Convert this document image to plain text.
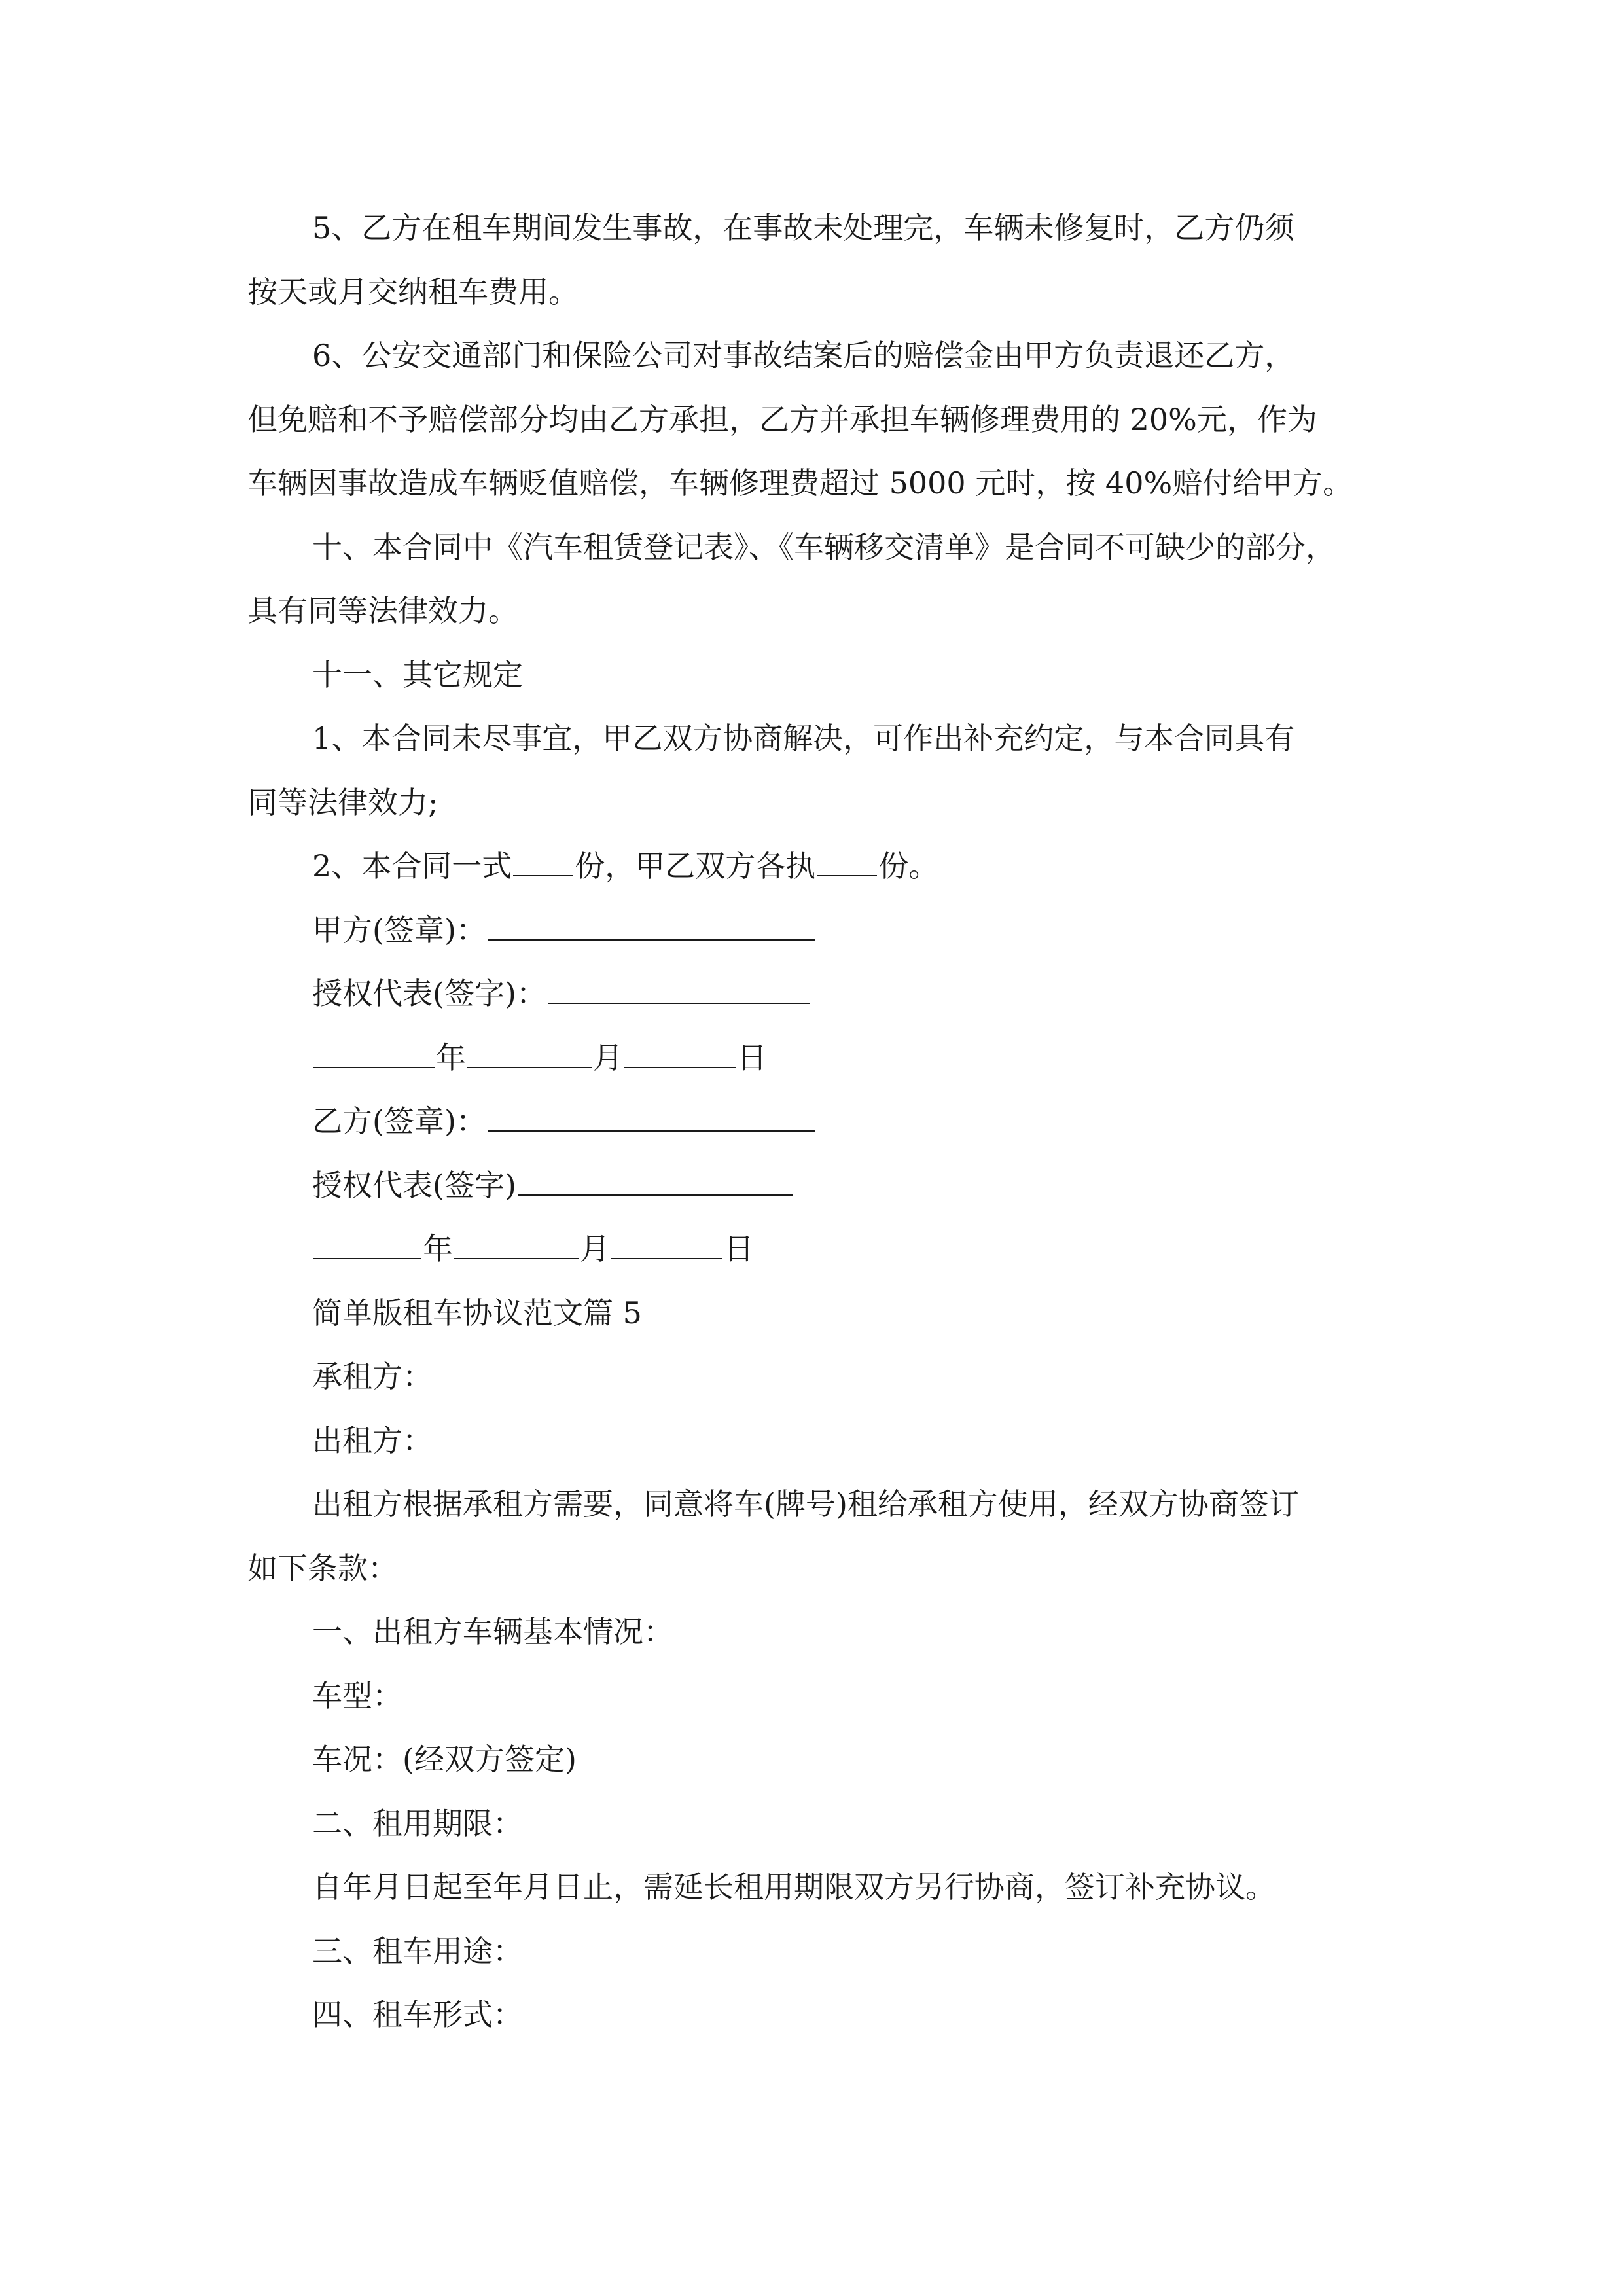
5、乙方在租车期间发生事故，在事故未处理完，车辆未修复时，乙方仍须
按天或月交纳租车费用。
6、公安交通部门和保险公司对事故结案后的赔偿金由甲方负责退还乙方，
但免赔和不予赔偿部分均由乙方承担，乙方并承担车辆修理费用的 20%元，作为
车辆因事故造成车辆贬值赔偿，车辆修理费超过 5000 元时，按 40%赔付给甲方。
十、本合同中《汽车租赁登记表》、《车辆移交清单》是合同不可缺少的部分，
具有同等法律效力。
十一、其它规定
1、本合同未尽事宜，甲乙双方协商解决，可作出补充约定，与本合同具有
同等法律效力;
2、本合同一式 份，甲乙双方各执 份。
甲方(签章)：
授权代表(签字)：
年	月	日
乙方(签章)：
授权代表(签字)
年	月	日
简单版租车协议范文篇 5
承租方：
出租方：
出租方根据承租方需要，同意将车(牌号)租给承租方使用，经双方协商签订
如下条款：
一、出租方车辆基本情况：
车型：
车况：(经双方签定)
二、租用期限：
自年月日起至年月日止，需延长租用期限双方另行协商，签订补充协议。
三、租车用途：
四、租车形式：
